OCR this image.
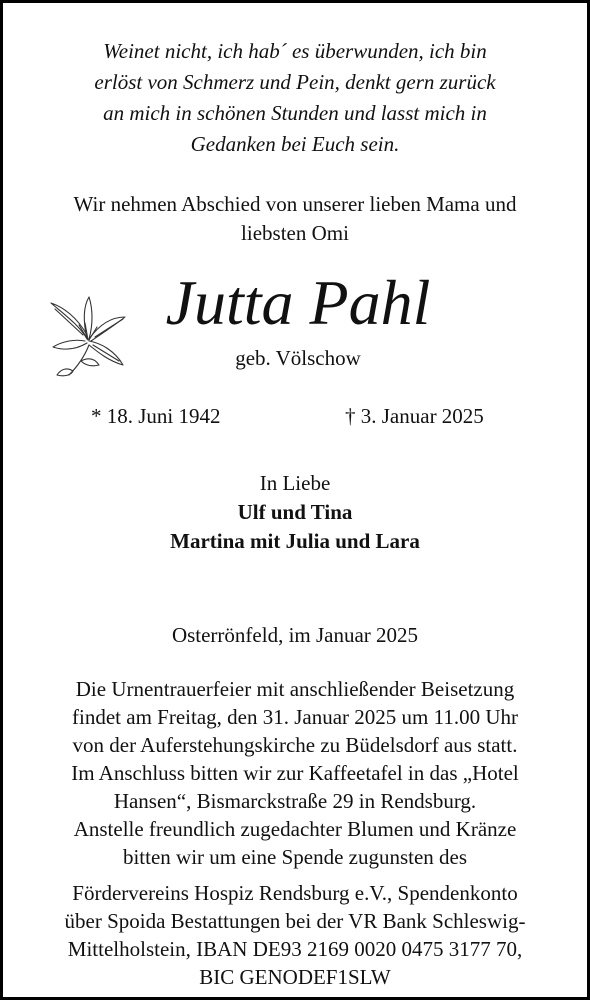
Weinet nicht, ich hab´ es überwunden, ich bin
erlöst von Schmerz und Pein, denkt gern zurück
an mich in schönen Stunden und lasst mich in
Gedanken bei Euch sein.
Wir nehmen Abschied von unserer lieben Mama und
liebsten Omi
Jutta Pahl
geb. Völschow
* 18. Juni 1942	† 3. Januar 2025
In Liebe
Ulf und Tina
Martina mit Julia und Lara
Osterrönfeld, im Januar 2025
Die Urnentrauerfeier mit anschließender Beisetzung
findet am Freitag, den 31. Januar 2025 um 11.00 Uhr
von der Auferstehungskirche zu Büdelsdorf aus statt.
Im Anschluss bitten wir zur Kaffeetafel in das „Hotel
Hansen“, Bismarckstraße 29 in Rendsburg.
Anstelle freundlich zugedachter Blumen und Kränze
bitten wir um eine Spende zugunsten des
Fördervereins Hospiz Rendsburg e.V., Spendenkonto
über Spoida Bestattungen bei der VR Bank Schleswig-
Mittelholstein, IBAN DE93 2169 0020 0475 3177 70,
BIC GENODEF1SLW
